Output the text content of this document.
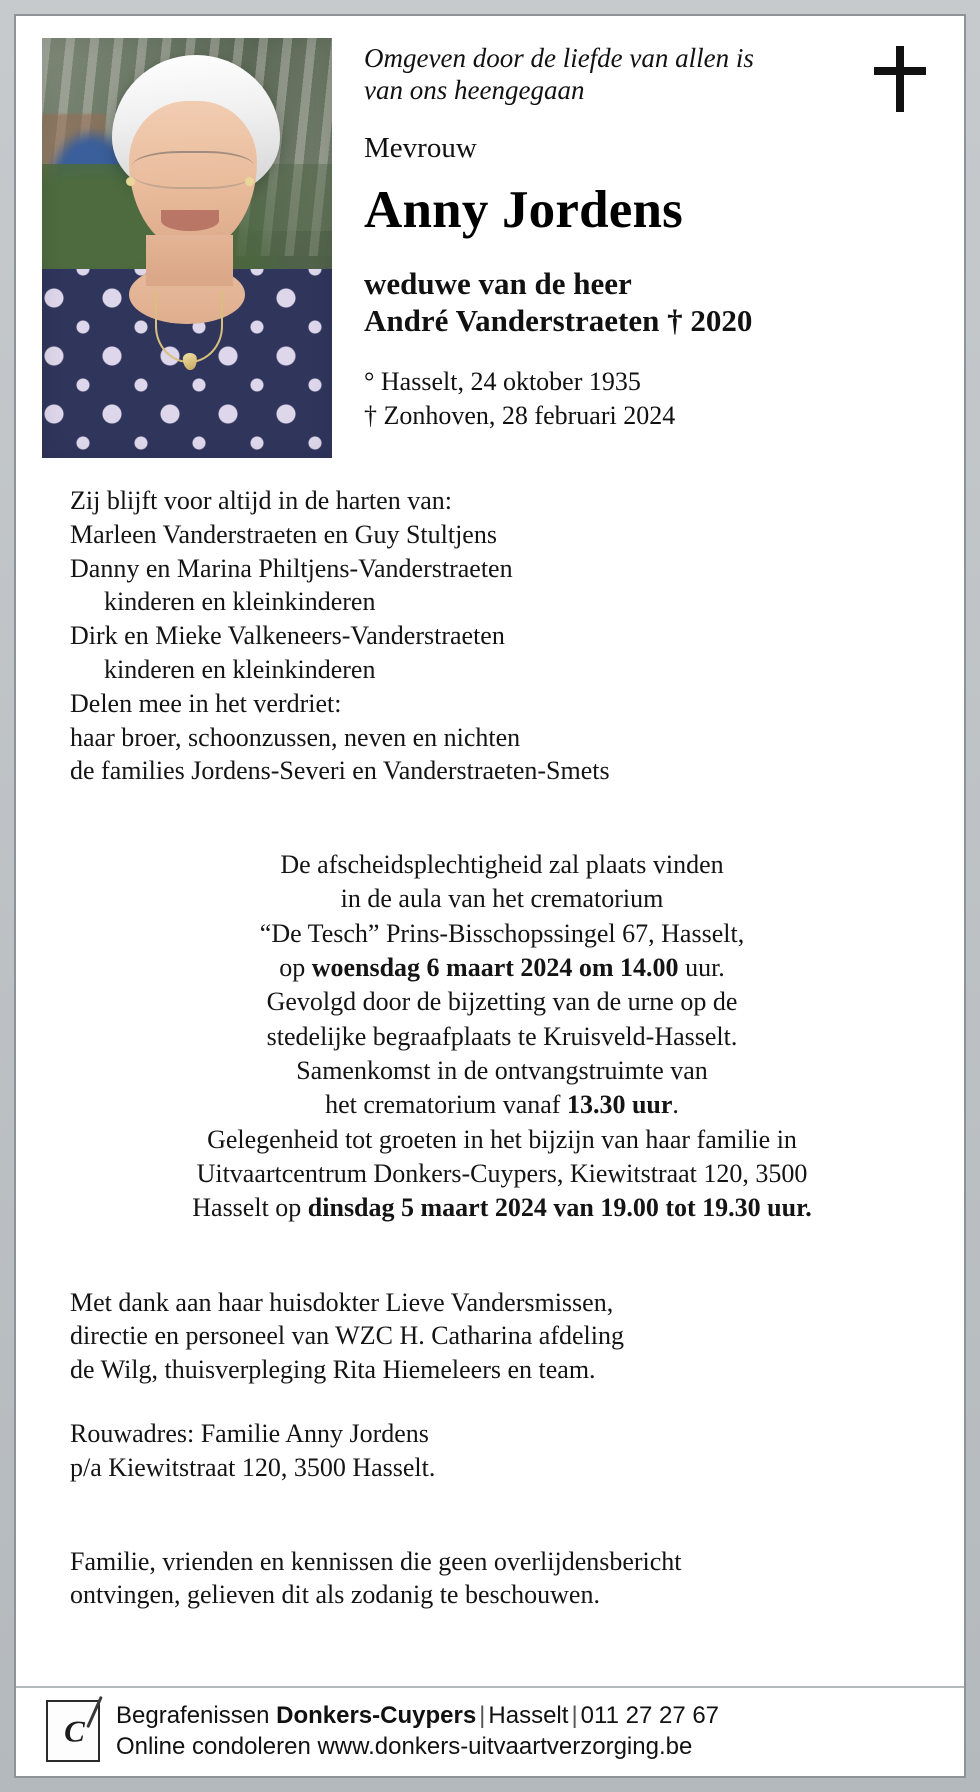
Omgeven door de liefde van allen is van ons heengegaan

Mevrouw

Anny Jordens

weduwe van de heer
André Vanderstraeten † 2020

° Hasselt, 24 oktober 1935
† Zonhoven, 28 februari 2024

Zij blijft voor altijd in de harten van:

Marleen Vanderstraeten en Guy Stultjens

Danny en Marina Philtjens-Vanderstraeten

kinderen en kleinkinderen

Dirk en Mieke Valkeneers-Vanderstraeten

kinderen en kleinkinderen

Delen mee in het verdriet:

haar broer, schoonzussen, neven en nichten

de families Jordens-Severi en Vanderstraeten-Smets

De afscheidsplechtigheid zal plaats vinden

in de aula van het crematorium

“De Tesch” Prins-Bisschopssingel 67, Hasselt,

op woensdag 6 maart 2024 om 14.00 uur.

Gevolgd door de bijzetting van de urne op de

stedelijke begraafplaats te Kruisveld-Hasselt.

Samenkomst in de ontvangstruimte van

het crematorium vanaf 13.30 uur.

Gelegenheid tot groeten in het bijzijn van haar familie in

Uitvaartcentrum Donkers-Cuypers, Kiewitstraat 120, 3500

Hasselt op dinsdag 5 maart 2024 van 19.00 tot 19.30 uur.

Met dank aan haar huisdokter Lieve Vandersmissen,

directie en personeel van WZC H. Catharina afdeling

de Wilg, thuisverpleging Rita Hiemeleers en team.

Rouwadres: Familie Anny Jordens

p/a Kiewitstraat 120, 3500 Hasselt.

Familie, vrienden en kennissen die geen overlijdensbericht

ontvingen, gelieven dit als zodanig te beschouwen.

C	Begrafenissen Donkers-Cuypers | Hasselt | 011 27 27 67
Online condoleren www.donkers-uitvaartverzorging.be
